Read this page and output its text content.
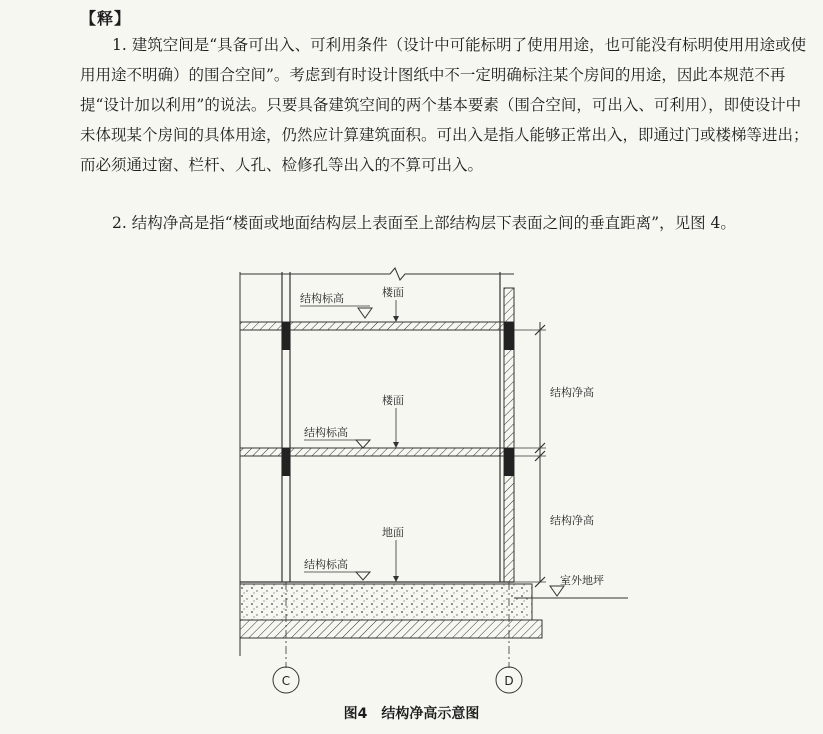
【释】

1. 建筑空间是“具备可出入、可利用条件（设计中可能标明了使用用途，也可能没有标明使用用途或使用用途不明确）的围合空间”。考虑到有时设计图纸中不一定明确标注某个房间的用途，因此本规范不再提“设计加以利用”的说法。只要具备建筑空间的两个基本要素（围合空间，可出入、可利用），即使设计中未体现某个房间的具体用途，仍然应计算建筑面积。可出入是指人能够正常出入，即通过门或楼梯等进出；而必须通过窗、栏杆、人孔、检修孔等出入的不算可出入。

2. 结构净高是指“楼面或地面结构层上表面至上部结构层下表面之间的垂直距离”，见图 4。

室外地坪
结构标高	楼面
楼面
结构标高
地面
结构标高
结构净高
结构净高
C	D
图4 结构净高示意图
